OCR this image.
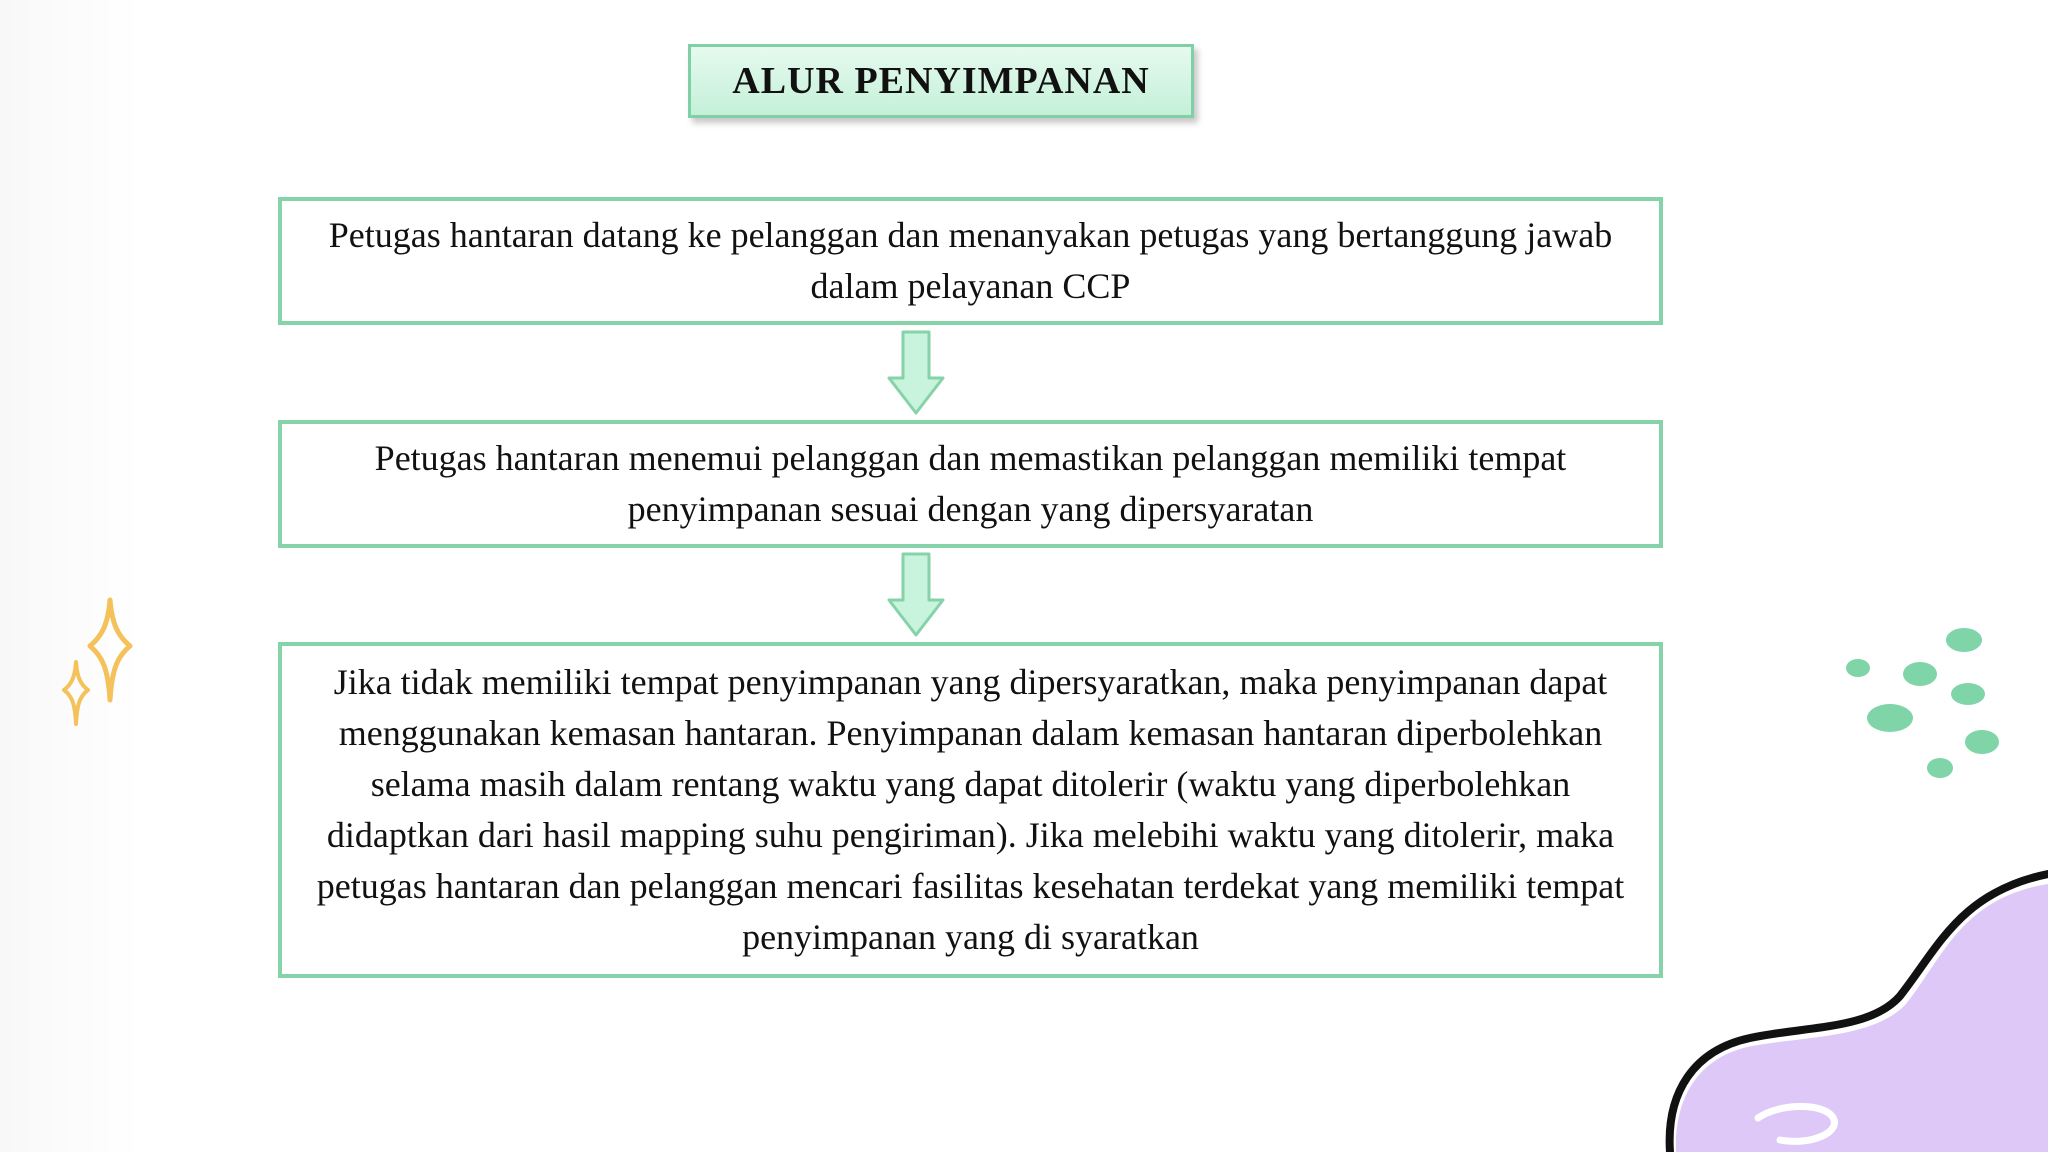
ALUR PENYIMPANAN
Petugas hantaran datang ke pelanggan dan menanyakan petugas yang bertanggung jawab dalam pelayanan CCP
Petugas hantaran menemui pelanggan dan memastikan pelanggan memiliki tempat penyimpanan sesuai dengan yang dipersyaratan
Jika tidak memiliki tempat penyimpanan yang dipersyaratkan, maka penyimpanan dapat menggunakan kemasan hantaran. Penyimpanan dalam kemasan hantaran diperbolehkan selama masih dalam rentang waktu yang dapat ditolerir (waktu yang diperbolehkan didaptkan dari hasil mapping suhu pengiriman). Jika melebihi waktu yang ditolerir, maka petugas hantaran dan pelanggan mencari fasilitas kesehatan terdekat yang memiliki tempat penyimpanan yang di syaratkan
